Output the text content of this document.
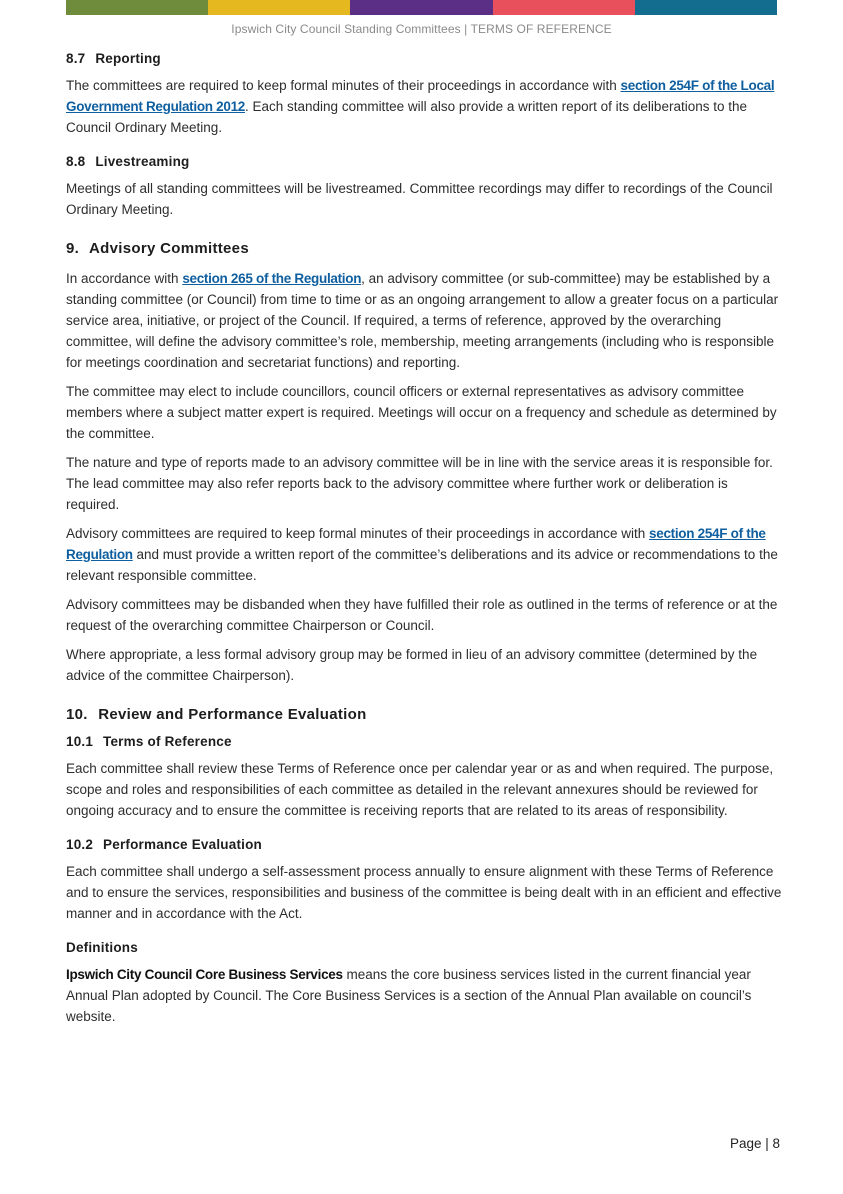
Ipswich City Council Standing Committees | TERMS OF REFERENCE
8.7 Reporting

The committees are required to keep formal minutes of their proceedings in accordance with section 254F of the Local Government Regulation 2012. Each standing committee will also provide a written report of its deliberations to the Council Ordinary Meeting.

8.8 Livestreaming

Meetings of all standing committees will be livestreamed. Committee recordings may differ to recordings of the Council Ordinary Meeting.

9. Advisory Committees

In accordance with section 265 of the Regulation, an advisory committee (or sub-committee) may be established by a standing committee (or Council) from time to time or as an ongoing arrangement to allow a greater focus on a particular service area, initiative, or project of the Council. If required, a terms of reference, approved by the overarching committee, will define the advisory committee’s role, membership, meeting arrangements (including who is responsible for meetings coordination and secretariat functions) and reporting.

The committee may elect to include councillors, council officers or external representatives as advisory committee members where a subject matter expert is required. Meetings will occur on a frequency and schedule as determined by the committee.

The nature and type of reports made to an advisory committee will be in line with the service areas it is responsible for. The lead committee may also refer reports back to the advisory committee where further work or deliberation is required.

Advisory committees are required to keep formal minutes of their proceedings in accordance with section 254F of the Regulation and must provide a written report of the committee’s deliberations and its advice or recommendations to the relevant responsible committee.

Advisory committees may be disbanded when they have fulfilled their role as outlined in the terms of reference or at the request of the overarching committee Chairperson or Council.

Where appropriate, a less formal advisory group may be formed in lieu of an advisory committee (determined by the advice of the committee Chairperson).

10. Review and Performance Evaluation
10.1 Terms of Reference

Each committee shall review these Terms of Reference once per calendar year or as and when required. The purpose, scope and roles and responsibilities of each committee as detailed in the relevant annexures should be reviewed for ongoing accuracy and to ensure the committee is receiving reports that are related to its areas of responsibility.

10.2 Performance Evaluation

Each committee shall undergo a self-assessment process annually to ensure alignment with these Terms of Reference and to ensure the services, responsibilities and business of the committee is being dealt with in an efficient and effective manner and in accordance with the Act.

Definitions

Ipswich City Council Core Business Services means the core business services listed in the current financial year Annual Plan adopted by Council. The Core Business Services is a section of the Annual Plan available on council’s website.

Page | 8
